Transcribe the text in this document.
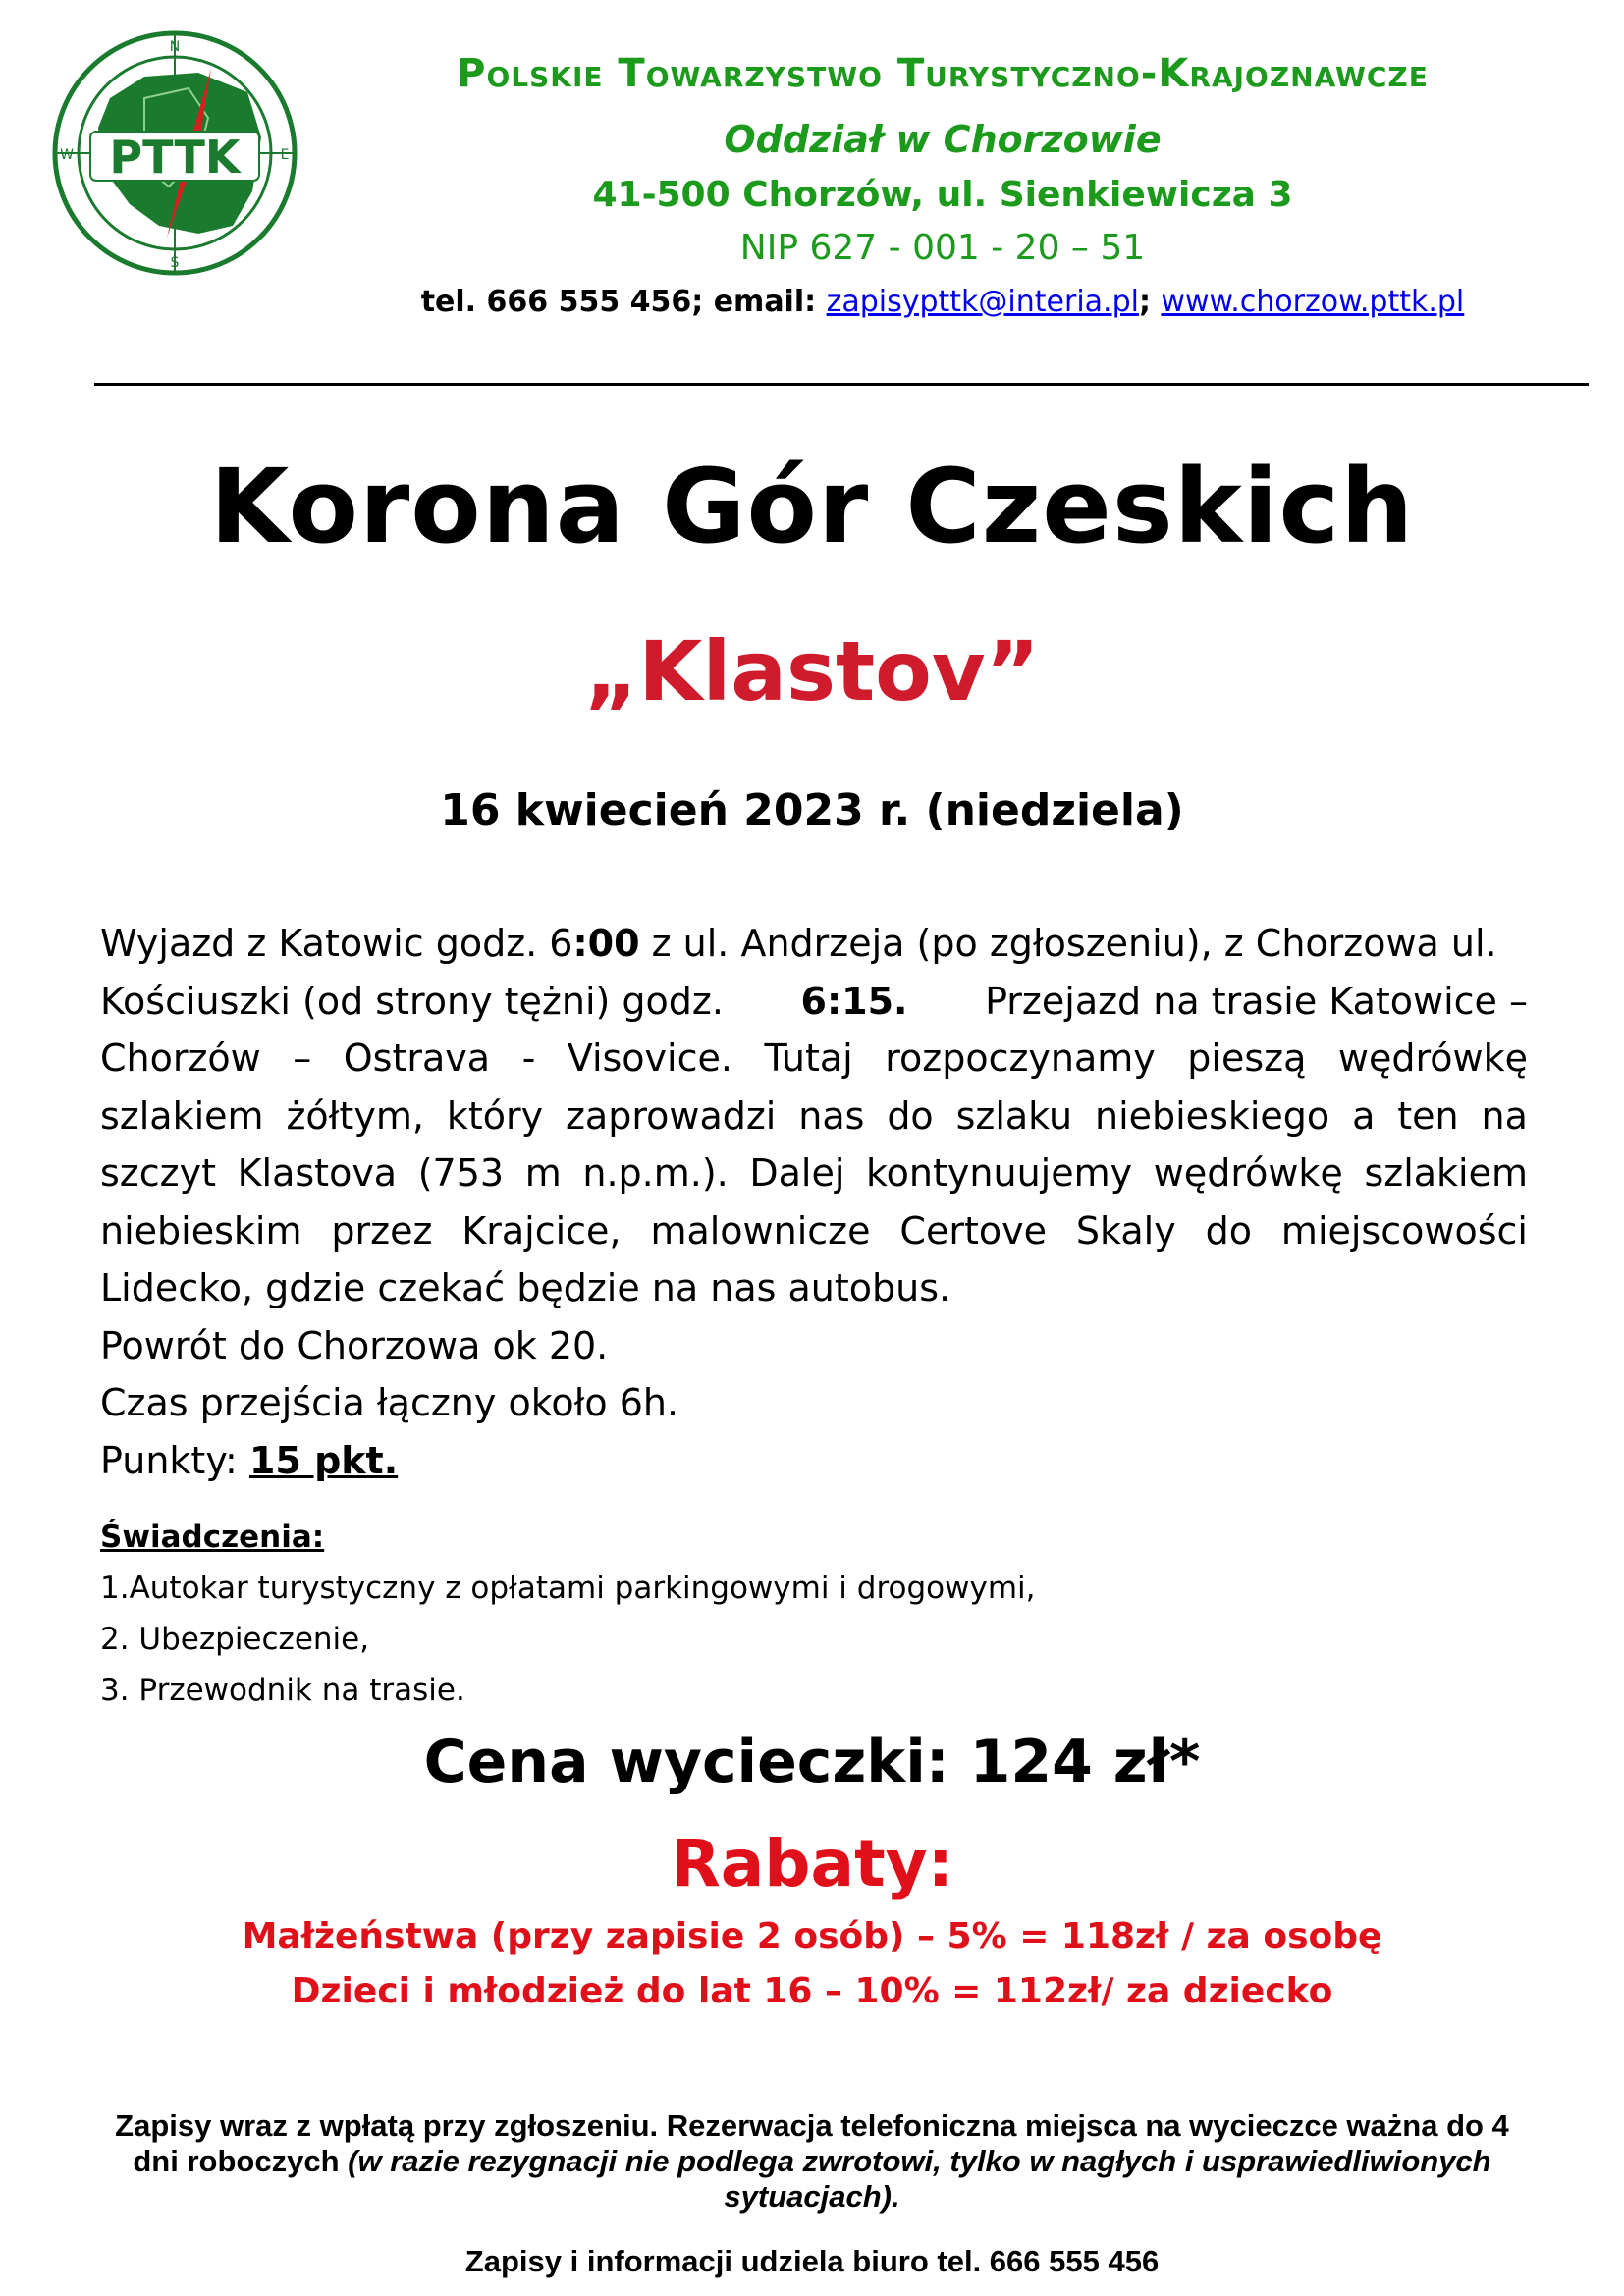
PTTK
N
E
S
W
Polskie Towarzystwo Turystyczno-Krajoznawcze
Oddział w Chorzowie
41-500 Chorzów, ul. Sienkiewicza 3
NIP 627 - 001 - 20 – 51
tel. 666 555 456; email: zapisypttk@interia.pl; www.chorzow.pttk.pl
Korona Gór Czeskich
„Klastov”
16 kwiecień 2023 r. (niedziela)
Wyjazd z Katowic godz. 6:00 z ul. Andrzeja (po zgłoszeniu), z Chorzowa ul.
Kościuszki (od strony tężni) godz. 6:15. Przejazd na trasie Katowice –
Chorzów – Ostrava - Visovice. Tutaj rozpoczynamy pieszą wędrówkę
szlakiem żółtym, który zaprowadzi nas do szlaku niebieskiego a ten na
szczyt Klastova (753 m n.p.m.). Dalej kontynuujemy wędrówkę szlakiem
niebieskim przez Krajcice, malownicze Certove Skaly do miejscowości
Lidecko, gdzie czekać będzie na nas autobus.
Powrót do Chorzowa ok 20.
Czas przejścia łączny około 6h.
Punkty: 15 pkt.
Świadczenia:
1.Autokar turystyczny z opłatami parkingowymi i drogowymi,
2. Ubezpieczenie,
3. Przewodnik na trasie.
Cena wycieczki: 124 zł*
Rabaty:
Małżeństwa (przy zapisie 2 osób) – 5% = 118zł / za osobę
Dzieci i młodzież do lat 16 – 10% = 112zł/ za dziecko
Zapisy wraz z wpłatą przy zgłoszeniu. Rezerwacja telefoniczna miejsca na wycieczce ważna do 4 dni roboczych (w razie rezygnacji nie podlega zwrotowi, tylko w nagłych i usprawiedliwionych sytuacjach).
Zapisy i informacji udziela biuro tel. 666 555 456
